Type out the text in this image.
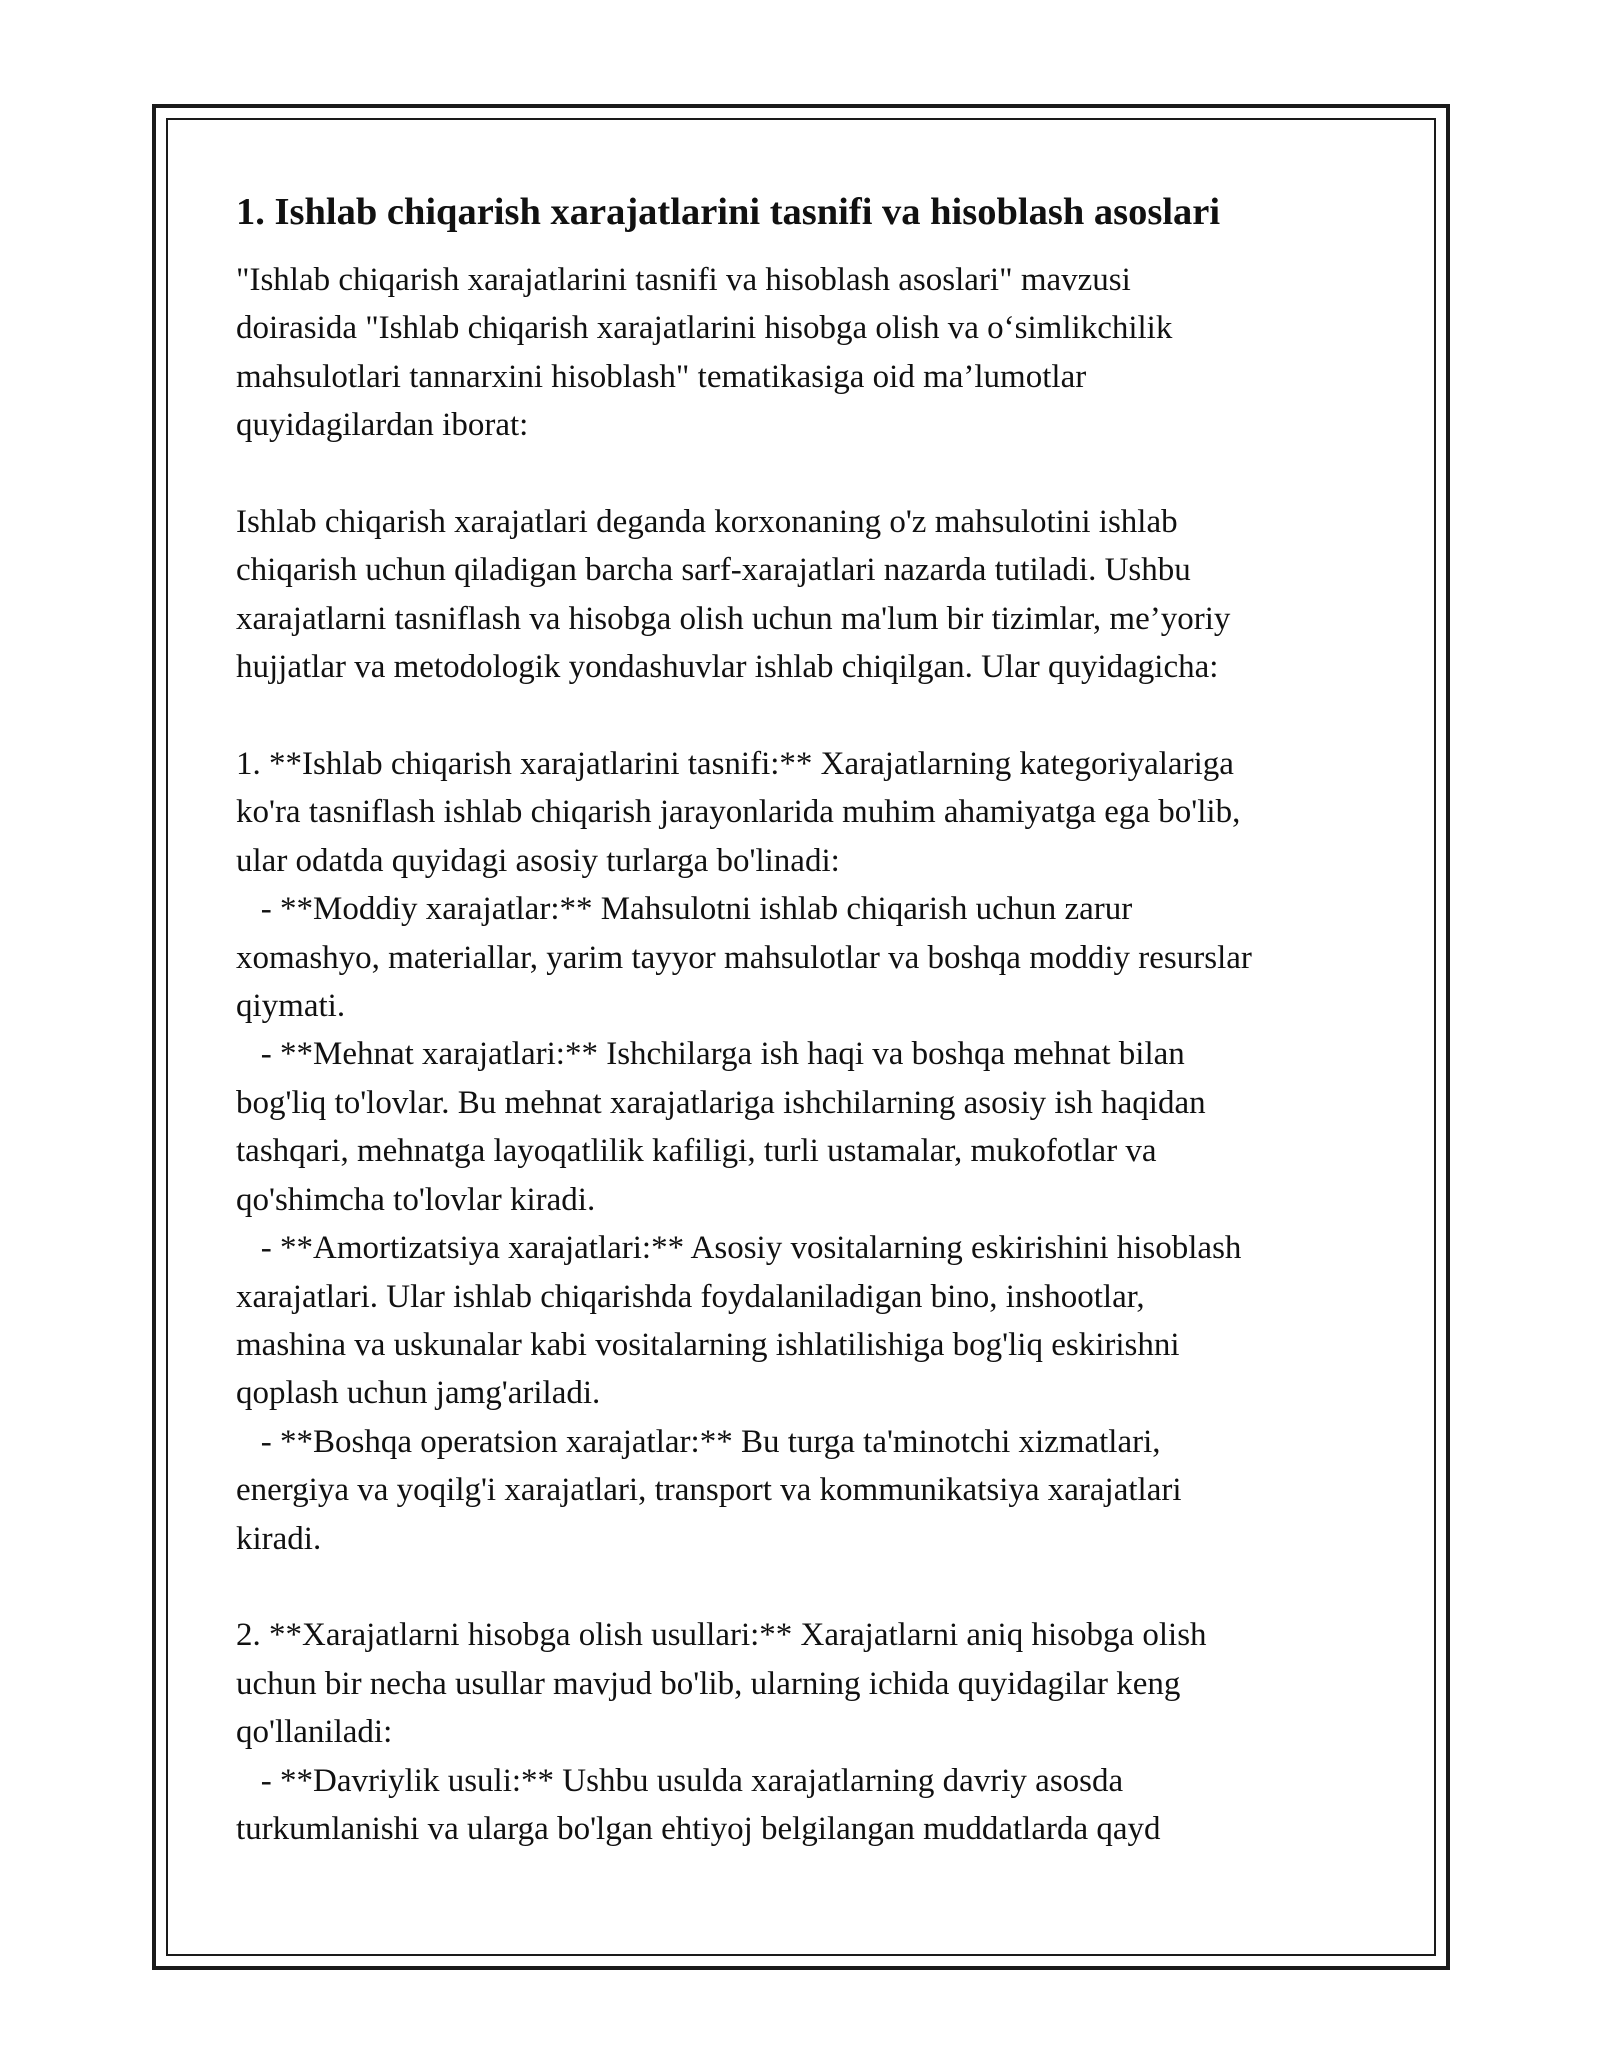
1. Ishlab chiqarish xarajatlarini tasnifi va hisoblash asoslari
"Ishlab chiqarish xarajatlarini tasnifi va hisoblash asoslari" mavzusi
doirasida "Ishlab chiqarish xarajatlarini hisobga olish va o‘simlikchilik
mahsulotlari tannarxini hisoblash" tematikasiga oid ma’lumotlar
quyidagilardan iborat:
Ishlab chiqarish xarajatlari deganda korxonaning o'z mahsulotini ishlab
chiqarish uchun qiladigan barcha sarf-xarajatlari nazarda tutiladi. Ushbu
xarajatlarni tasniflash va hisobga olish uchun ma'lum bir tizimlar, me’yoriy
hujjatlar va metodologik yondashuvlar ishlab chiqilgan. Ular quyidagicha:
1. **Ishlab chiqarish xarajatlarini tasnifi:** Xarajatlarning kategoriyalariga
ko'ra tasniflash ishlab chiqarish jarayonlarida muhim ahamiyatga ega bo'lib,
ular odatda quyidagi asosiy turlarga bo'linadi:
- **Moddiy xarajatlar:** Mahsulotni ishlab chiqarish uchun zarur
xomashyo, materiallar, yarim tayyor mahsulotlar va boshqa moddiy resurslar
qiymati.
- **Mehnat xarajatlari:** Ishchilarga ish haqi va boshqa mehnat bilan
bog'liq to'lovlar. Bu mehnat xarajatlariga ishchilarning asosiy ish haqidan
tashqari, mehnatga layoqatlilik kafiligi, turli ustamalar, mukofotlar va
qo'shimcha to'lovlar kiradi.
- **Amortizatsiya xarajatlari:** Asosiy vositalarning eskirishini hisoblash
xarajatlari. Ular ishlab chiqarishda foydalaniladigan bino, inshootlar,
mashina va uskunalar kabi vositalarning ishlatilishiga bog'liq eskirishni
qoplash uchun jamg'ariladi.
- **Boshqa operatsion xarajatlar:** Bu turga ta'minotchi xizmatlari,
energiya va yoqilg'i xarajatlari, transport va kommunikatsiya xarajatlari
kiradi.
2. **Xarajatlarni hisobga olish usullari:** Xarajatlarni aniq hisobga olish
uchun bir necha usullar mavjud bo'lib, ularning ichida quyidagilar keng
qo'llaniladi:
- **Davriylik usuli:** Ushbu usulda xarajatlarning davriy asosda
turkumlanishi va ularga bo'lgan ehtiyoj belgilangan muddatlarda qayd
